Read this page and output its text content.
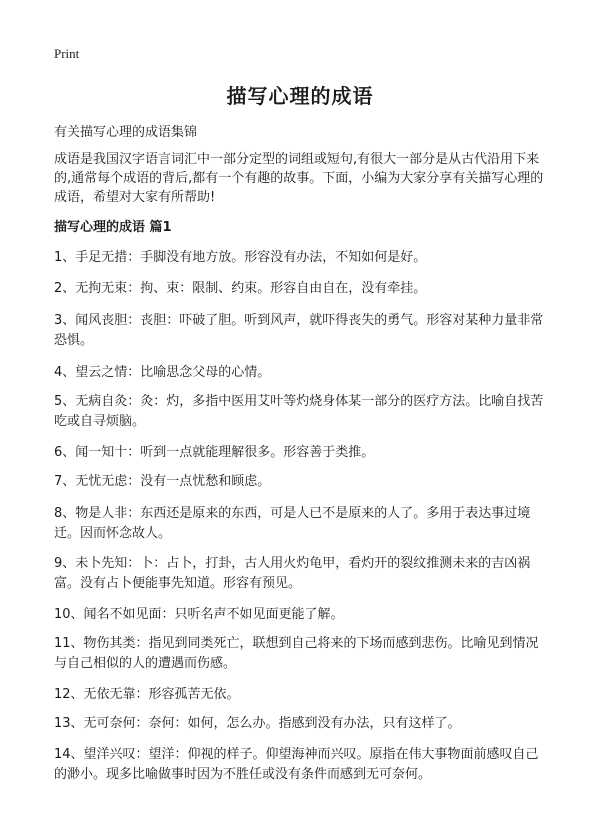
Print
描写心理的成语
有关描写心理的成语集锦
成语是我国汉字语言词汇中一部分定型的词组或短句,有很大一部分是从古代沿用下来的,通常每个成语的背后,都有一个有趣的故事。下面，小编为大家分享有关描写心理的成语，希望对大家有所帮助!
描写心理的成语 篇1
1、手足无措：手脚没有地方放。形容没有办法，不知如何是好。
2、无拘无束：拘、束：限制、约束。形容自由自在，没有牵挂。
3、闻风丧胆：丧胆：吓破了胆。听到风声，就吓得丧失的勇气。形容对某种力量非常恐惧。
4、望云之情：比喻思念父母的心情。
5、无病自灸：灸：灼，多指中医用艾叶等灼烧身体某一部分的医疗方法。比喻自找苦吃或自寻烦脑。
6、闻一知十：听到一点就能理解很多。形容善于类推。
7、无忧无虑：没有一点忧愁和顾虑。
8、物是人非：东西还是原来的东西，可是人已不是原来的人了。多用于表达事过境迁。因而怀念故人。
9、未卜先知：卜：占卜，打卦，古人用火灼龟甲，看灼开的裂纹推测未来的吉凶祸富。没有占卜便能事先知道。形容有预见。
10、闻名不如见面：只听名声不如见面更能了解。
11、物伤其类：指见到同类死亡，联想到自己将来的下场而感到悲伤。比喻见到情况与自己相似的人的遭遇而伤感。
12、无依无靠：形容孤苦无依。
13、无可奈何：奈何：如何，怎么办。指感到没有办法，只有这样了。
14、望洋兴叹：望洋：仰视的样子。仰望海神而兴叹。原指在伟大事物面前感叹自己的渺小。现多比喻做事时因为不胜任或没有条件而感到无可奈何。
